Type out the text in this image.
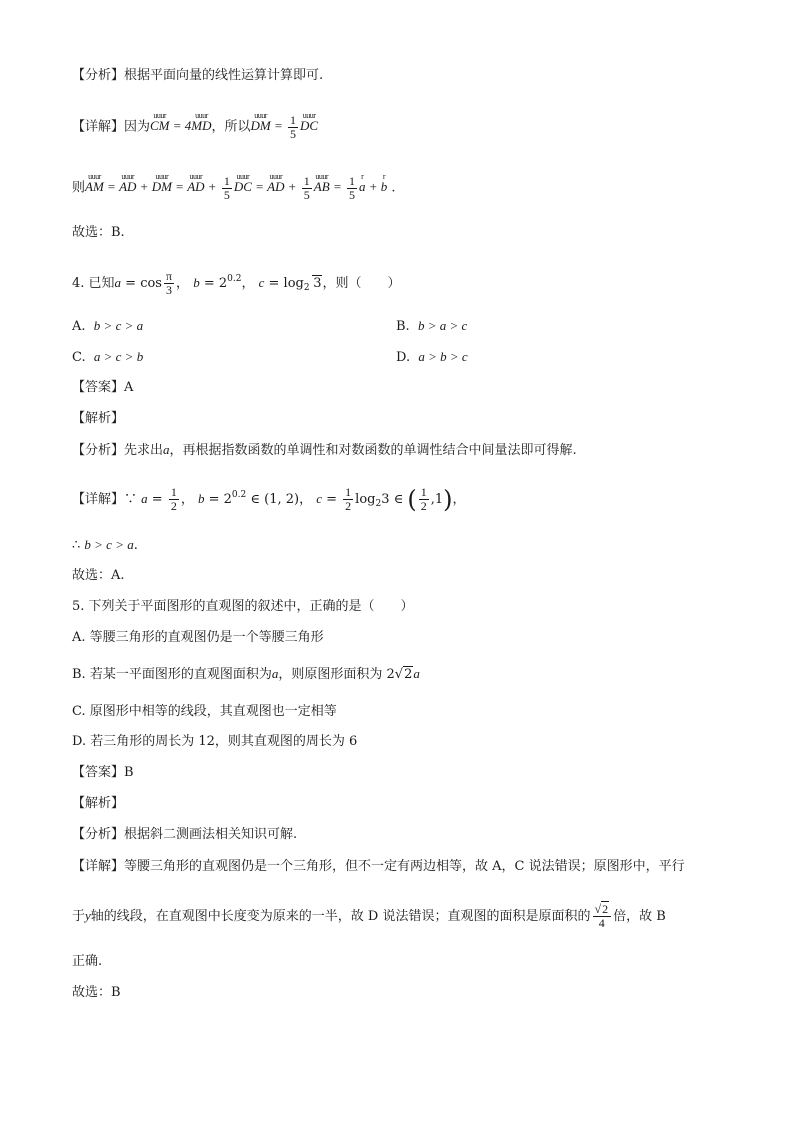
【分析】根据平面向量的线性运算计算即可.
【详解】因为uuur CM = 4uuur MD，所以uuur DM = $\frac{1}{5}$ uuur DC
则uuur AM = uuur AD + uuur DM = uuur AD + $\frac{1}{5}$ uuur DC = uuur AD + $\frac{1}{5}$ uuur AB = $\frac{1}{5}$ r a + r b .
故选：B.
4. 已知$a = \cos \frac{\pi}{3}$ ， $b = 2^{0.2}$， $c = \log_2 3$，则（　　）
A. b > c > a	B. b > a > c
C. a > c > b	D. a > b > c
【答案】A
【解析】
【分析】先求出a，再根据指数函数的单调性和对数函数的单调性结合中间量法即可得解.
【详解】∵ $a = \frac{1}{2}$ ， $b = 2^{0.2}$ ∈ (1, 2)， $c = \frac{1}{2} \log_23$ ∈ ( $\frac{1}{2} ,1$)，
∴ b > c > a.
故选：A.
5. 下列关于平面图形的直观图的叙述中，正确的是（　　）
A. 等腰三角形的直观图仍是一个等腰三角形
B. 若某一平面图形的直观图面积为a，则原图形面积为 2√2a
C. 原图形中相等的线段，其直观图也一定相等
D. 若三角形的周长为 12，则其直观图的周长为 6
【答案】B
【解析】
【分析】根据斜二测画法相关知识可解.
【详解】等腰三角形的直观图仍是一个三角形，但不一定有两边相等，故 A，C 说法错误；原图形中，平行
于y轴的线段，在直观图中长度变为原来的一半，故 D 说法错误；直观图的面积是原面积的 $\frac{√2}{4}$ 倍，故 B
正确.
故选：B
